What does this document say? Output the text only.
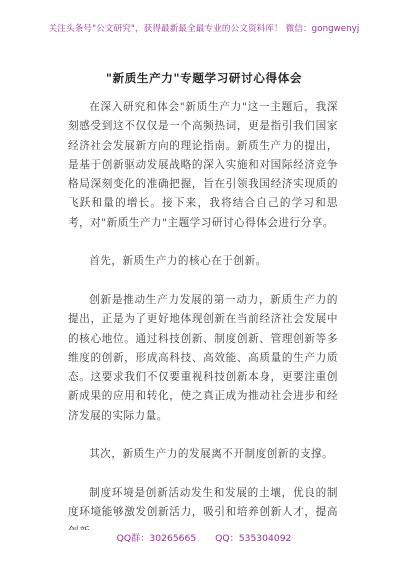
关注头条号"公文研究"，获得最新最全最专业的公文资料库！ 微信：gongwenyj
"新质生产力"专题学习研讨心得体会

在深入研究和体会"新质生产力"这一主题后，我深刻感受到这不仅仅是一个高频热词，更是指引我们国家经济社会发展新方向的理论指南。新质生产力的提出，是基于创新驱动发展战略的深入实施和对国际经济竞争格局深刻变化的准确把握，旨在引领我国经济实现质的飞跃和量的增长。接下来，我将结合自己的学习和思考，对"新质生产力"主题学习研讨心得体会进行分享。

首先，新质生产力的核心在于创新。

创新是推动生产力发展的第一动力，新质生产力的提出，正是为了更好地体现创新在当前经济社会发展中的核心地位。通过科技创新、制度创新、管理创新等多维度的创新，形成高科技、高效能、高质量的生产力质态。这要求我们不仅要重视科技创新本身，更要注重创新成果的应用和转化，使之真正成为推动社会进步和经济发展的实际力量。

其次，新质生产力的发展离不开制度创新的支撑。

制度环境是创新活动发生和发展的土壤，优良的制度环境能够激发创新活力，吸引和培养创新人才，提高

QQ群：30265665 QQ：535304092
